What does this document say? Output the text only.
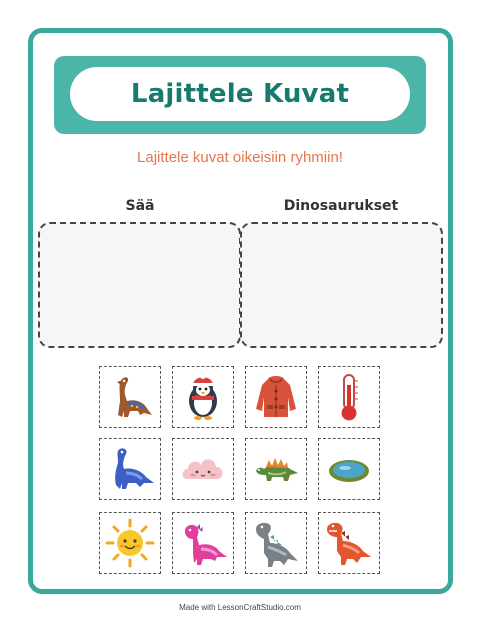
Lajittele Kuvat
Lajittele kuvat oikeisiin ryhmiin!
Sää	Dinosaurukset
Made with LessonCraftStudio.com
